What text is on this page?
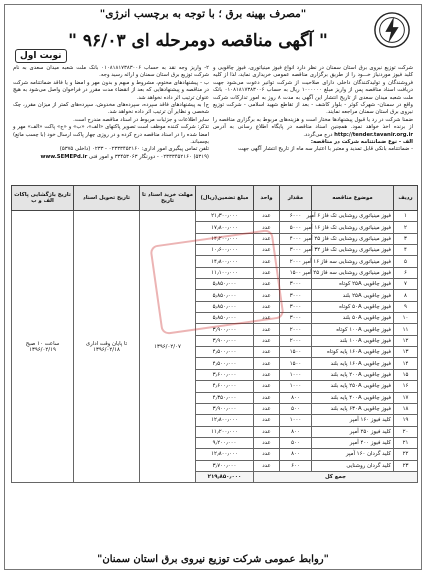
"مصرف بهینه برق ؛ با توجه به برچسب انرژی"
" آگهی مناقصه دومرحله ای ۹۶/۰۳ "
نوبت اول
شرکت توزیع نیروی برق استان سمنان در نظر دارد انواع فیوز مینیاتوری، فیوز چاقویی و کلید فیوز موردنیاز خـــود را از طریق برگزاری مناقصه عمومی خریداری نماید، لذا از کلیه فروشندگان و تولیدکنندگان داخلی دارای صلاحیت از شرکت توانیر دعوت می‌شود جهت دریافت اسناد مناقصه پس از واریز مبلغ ۱۰۰۰۰۰۰ ریال به حساب ۰۱۰۸۱۸۱۷۳۸۳۰۰۶ بانک ملت شعبه میدان سعدی از تاریخ انتشار این آگهی به مدت ۸ روز به امور تدارکات شرکت واقع در سمنان- شهرک کوثر - بلوار کاشف - بعد از تقاطع شهید اسلامی - شرکت توزیع نیروی برق استان سمنان مراجعه نمایند.
ضمنا شرکت در رد یا قبول پیشنهادها مختار است و هزینه‌های مربوط به برگزاری مناقصه را از برنده اخذ خواهد نمود. همچنین اسناد مناقصه در پایگاه اطلاع رسانی به آدرس http://tender.tavanir.org.ir درج می‌گردد.
الف - نوع ضمانتنامه شرکت در مناقصه:
- ضمانتنامه بانکی قابل تمدید و معتبر با اعتبار سه ماه از تاریخ انتشار آگهی جهت
۲- واریز وجه نقد به حساب ۰۱۰۸۱۸۱۷۳۸۳۰۰۶ بانک ملت شعبه میدان سعدی به نام شرکت توزیع برق استان سمنان و ارائه رسید وجه.
ب - پیشنهادهای مختوم، مشروط و مبهم و بدون مهر و امضا و یا فاقد ضمانتنامه شرکت در مناقصه و پیشنهادهایی که بعد از انقضاء مدت مقرر در فراخوان واصل می‌شود به هیچ عنوان ترتیب اثر داده نخواهد شد.
ج) به پیشنهادهای فاقد سپرده، سپرده‌های مخدوش، سپرده‌های کمتر از میزان مقرر، چک شخصی و نظایر آن ترتیب اثر داده نخواهد شد.
سایر اطلاعات و جزئیات مربوط در اسناد مناقصه مندرج است.
تذکر: شرکت کننده موظف است تصویر پاکتهای «الف»، «ب» و «ج» پاکت «الف» مهر و امضا شده را در اسناد مناقصه درج کرده و در روزی چهار پاکت ارسال خود (با چسب مانع) بچسباند.
تلفن تماس پیگیری امور اداری: ۰۲۳۳۳۴۵۲۱۶۰ - ۰۲۳۳ (داخلی ۵۳۷۵)
(۵۳۱۹) ۰۲۳۳۳۴۵۲۱۶۰ - دورنگار ۳۳۴۵۳۰۶۳ و امور فنی www.SEMEPd.ir
ردیف	موضوع مناقصه	مقدار	واحد	مبلغ تضمین(ریال)	مهلت خرید اسناد تا تاریخ	تاریخ تحویل اسناد	تاریخ بازگشایی پاکات الف و ب
۱	فیوز مینیاتوری روشنایی تک فاز ۶ آمپر	۶۰۰۰	عدد	۲۱٫۳۰۰٫۰۰۰	۱۳۹۶/۰۲/۰۷	تا پایان وقت اداری ۱۳۹۶/۰۲/۱۸	ساعت ۱۰ صبح ۱۳۹۶/۰۲/۱۹
۲	فیوز مینیاتوری روشنایی تک فاز ۱۶ آمپر	۵۰۰۰	عدد	۱۷٫۸۰۰٫۰۰۰			
۳	فیوز مینیاتوری روشنایی تک فاز ۲۵ آمپر	۴۰۰۰	عدد	۱۴٫۲۰۰٫۰۰۰			
۴	فیوز مینیاتوری روشنایی تک فاز ۳۲ آمپر	۳۰۰۰	عدد	۱۰٫۶۰۰٫۰۰۰			
۵	فیوز مینیاتوری روشنایی سه فاز ۱۶ آمپر	۲۰۰۰	عدد	۱۴٫۸۰۰٫۰۰۰			
۶	فیوز مینیاتوری روشنایی سه فاز ۲۵ آمپر	۱۵۰۰	عدد	۱۱٫۱۰۰٫۰۰۰			
۷	فیوز چاقویی ۲۵A کوتاه	۳۰۰۰	عدد	۵٫۸۵۰٫۰۰۰			
۸	فیوز چاقویی ۲۵A بلند	۳۰۰۰	عدد	۵٫۸۵۰٫۰۰۰			
۹	فیوز چاقویی ۵۰A کوتاه	۳۰۰۰	عدد	۵٫۸۵۰٫۰۰۰			
۱۰	فیوز چاقویی ۵۰A بلند	۳۰۰۰	عدد	۵٫۸۵۰٫۰۰۰			
۱۱	فیوز چاقویی ۱۰۰A کوتاه	۲۰۰۰	عدد	۳٫۹۰۰٫۰۰۰			
۱۲	فیوز چاقویی ۱۰۰A بلند	۲۰۰۰	عدد	۳٫۹۰۰٫۰۰۰			
۱۳	فیوز چاقویی ۱۶۰A پایه کوتاه	۱۵۰۰	عدد	۴٫۵۰۰٫۰۰۰			
۱۴	فیوز چاقویی ۱۶۰A پایه بلند	۱۵۰۰	عدد	۴٫۵۰۰٫۰۰۰			
۱۵	فیوز چاقویی ۲۰۰A پایه بلند	۱۰۰۰	عدد	۳٫۶۰۰٫۰۰۰			
۱۶	فیوز چاقویی ۲۵۰A پایه بلند	۱۰۰۰	عدد	۴٫۶۰۰٫۰۰۰			
۱۷	فیوز چاقویی ۴۰۰A پایه بلند	۸۰۰	عدد	۴٫۳۵۰٫۰۰۰			
۱۸	فیوز چاقویی ۶۳۰A پایه بلند	۵۰۰	عدد	۳٫۹۰۰٫۰۰۰			
۱۹	کلید فیوز ۱۶۰ آمپر	۱۰۰۰	عدد	۱۲٫۸۰۰٫۰۰۰			
۲۰	کلید فیوز ۲۵۰ آمپر	۸۰۰	عدد	۱۱٫۲۰۰٫۰۰۰			
۲۱	کلید فیوز ۴۰۰ آمپر	۵۰۰	عدد	۹٫۲۰۰٫۰۰۰			
۲۲	کلید گردان ۱۶۰ آمپر	۸۰۰	عدد	۱۲٫۸۰۰٫۰۰۰			
۲۳	کلید گردان روشنایی	۶۰۰	عدد	۳٫۷۰۰٫۰۰۰			
جمع کل				۲۱۹٫۸۵۰٫۰۰۰			
"روابط عمومی شرکت توزیع نیروی برق استان سمنان"
